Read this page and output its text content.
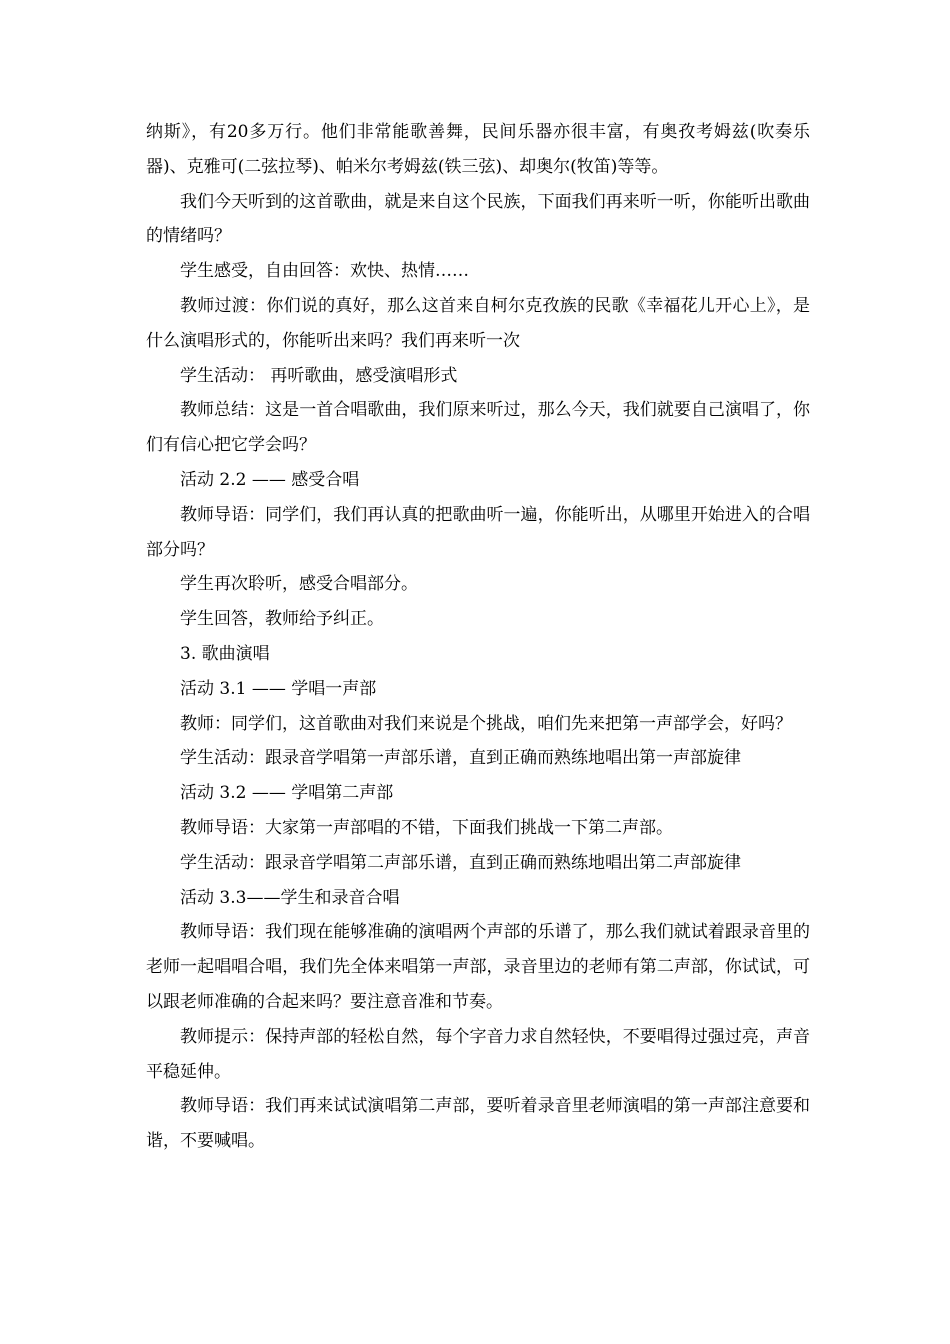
纳斯》，有20多万行。他们非常能歌善舞，民间乐器亦很丰富，有奥孜考姆兹(吹奏乐器)、克雅可(二弦拉琴)、帕米尔考姆兹(铁三弦)、却奥尔(牧笛)等等。

我们今天听到的这首歌曲，就是来自这个民族，下面我们再来听一听，你能听出歌曲的情绪吗？

学生感受，自由回答：欢快、热情……

教师过渡：你们说的真好，那么这首来自柯尔克孜族的民歌《幸福花儿开心上》，是什么演唱形式的，你能听出来吗？我们再来听一次

学生活动： 再听歌曲，感受演唱形式

教师总结：这是一首合唱歌曲，我们原来听过，那么今天，我们就要自己演唱了，你们有信心把它学会吗？

活动 2.2 —— 感受合唱

教师导语：同学们，我们再认真的把歌曲听一遍，你能听出，从哪里开始进入的合唱部分吗？

学生再次聆听，感受合唱部分。

学生回答，教师给予纠正。

3. 歌曲演唱

活动 3.1 —— 学唱一声部

教师：同学们，这首歌曲对我们来说是个挑战，咱们先来把第一声部学会，好吗？

学生活动：跟录音学唱第一声部乐谱，直到正确而熟练地唱出第一声部旋律

活动 3.2 —— 学唱第二声部

教师导语：大家第一声部唱的不错，下面我们挑战一下第二声部。

学生活动：跟录音学唱第二声部乐谱，直到正确而熟练地唱出第二声部旋律

活动 3.3——学生和录音合唱

教师导语：我们现在能够准确的演唱两个声部的乐谱了，那么我们就试着跟录音里的老师一起唱唱合唱，我们先全体来唱第一声部，录音里边的老师有第二声部，你试试，可以跟老师准确的合起来吗？要注意音准和节奏。

教师提示：保持声部的轻松自然，每个字音力求自然轻快，不要唱得过强过亮，声音平稳延伸。

教师导语：我们再来试试演唱第二声部，要听着录音里老师演唱的第一声部注意要和谐，不要喊唱。
